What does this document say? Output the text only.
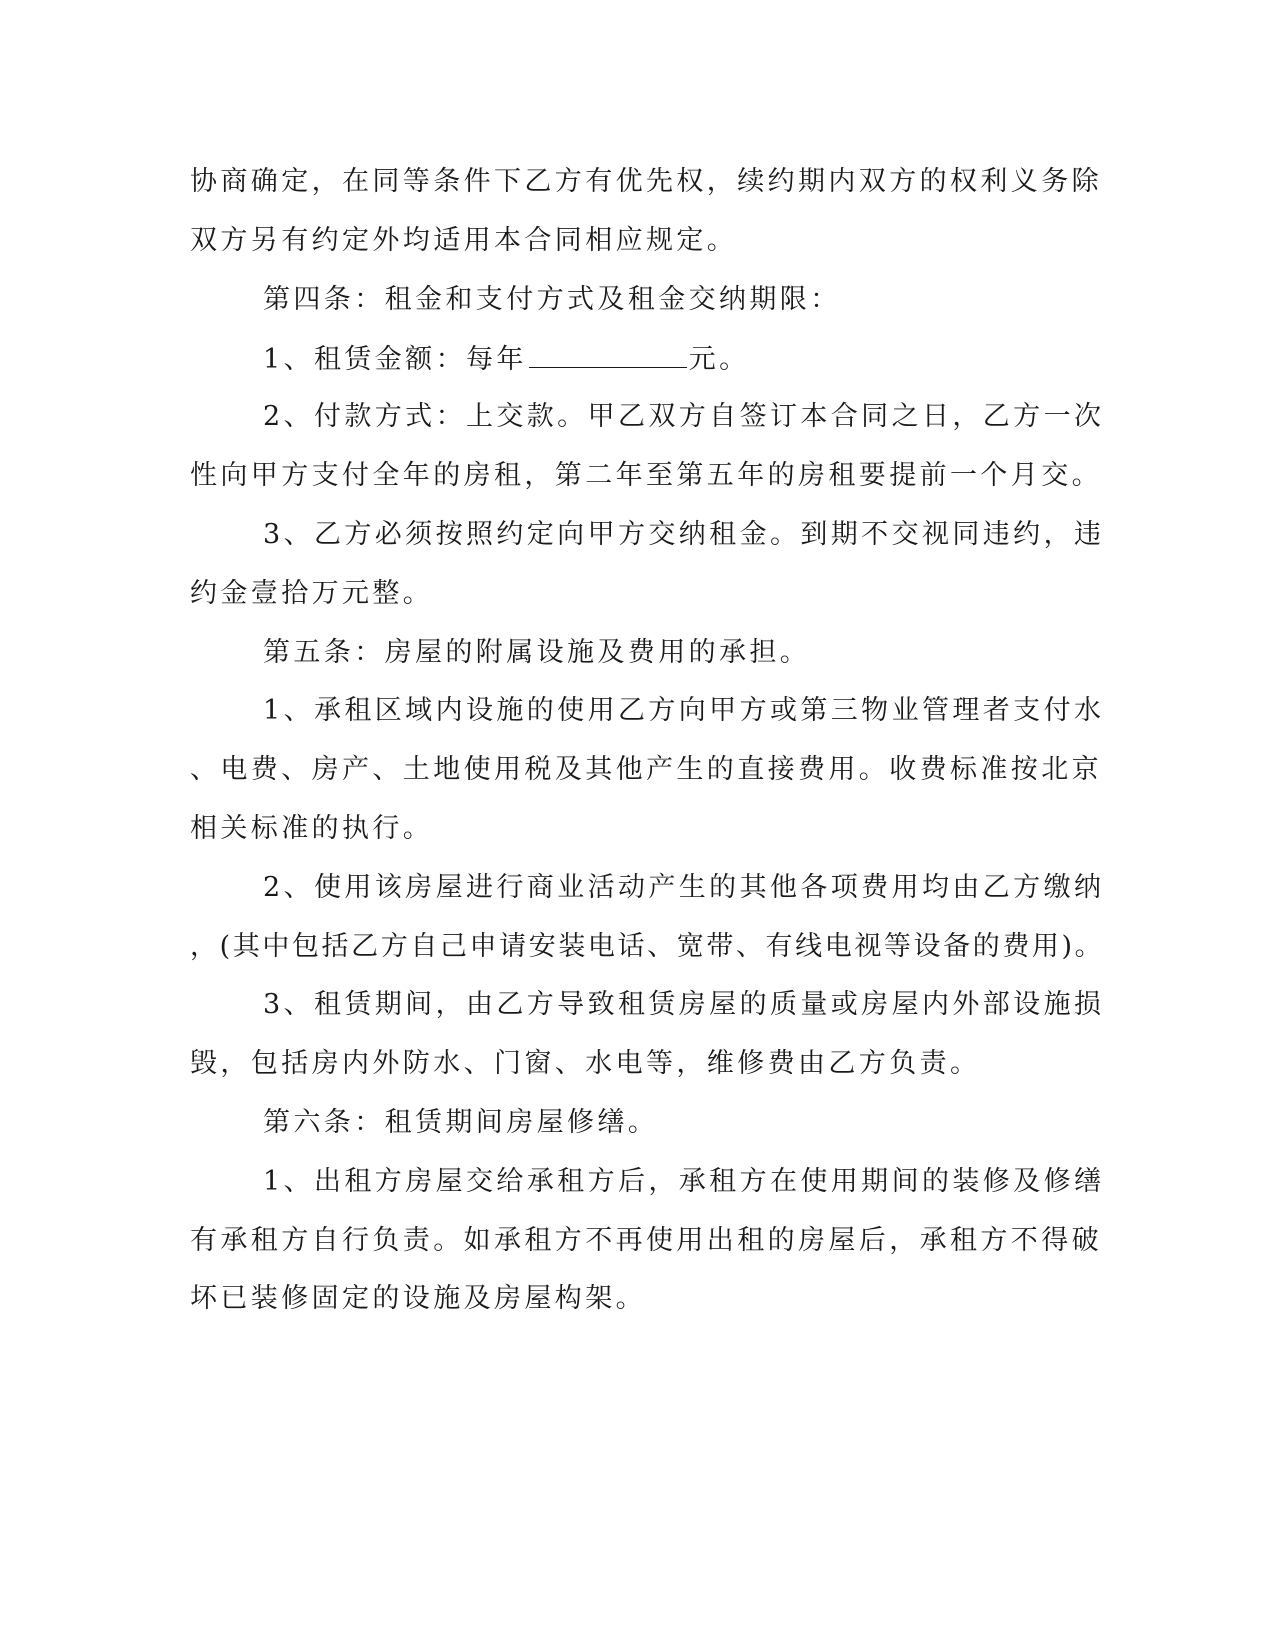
协商确定，在同等条件下乙方有优先权，续约期内双方的权利义务除
双方另有约定外均适用本合同相应规定。
第四条：租金和支付方式及租金交纳期限：
1、租赁金额：每年	元。
2、付款方式：上交款。甲乙双方自签订本合同之日，乙方一次
性向甲方支付全年的房租，第二年至第五年的房租要提前一个月交。
3、乙方必须按照约定向甲方交纳租金。到期不交视同违约，违
约金壹拾万元整。
第五条：房屋的附属设施及费用的承担。
1、承租区域内设施的使用乙方向甲方或第三物业管理者支付水
、电费、房产、土地使用税及其他产生的直接费用。收费标准按北京
相关标准的执行。
2、使用该房屋进行商业活动产生的其他各项费用均由乙方缴纳
，(其中包括乙方自己申请安装电话、宽带、有线电视等设备的费用)。
3、租赁期间，由乙方导致租赁房屋的质量或房屋内外部设施损
毁，包括房内外防水、门窗、水电等，维修费由乙方负责。
第六条：租赁期间房屋修缮。
1、出租方房屋交给承租方后，承租方在使用期间的装修及修缮
有承租方自行负责。如承租方不再使用出租的房屋后，承租方不得破
坏已装修固定的设施及房屋构架。
